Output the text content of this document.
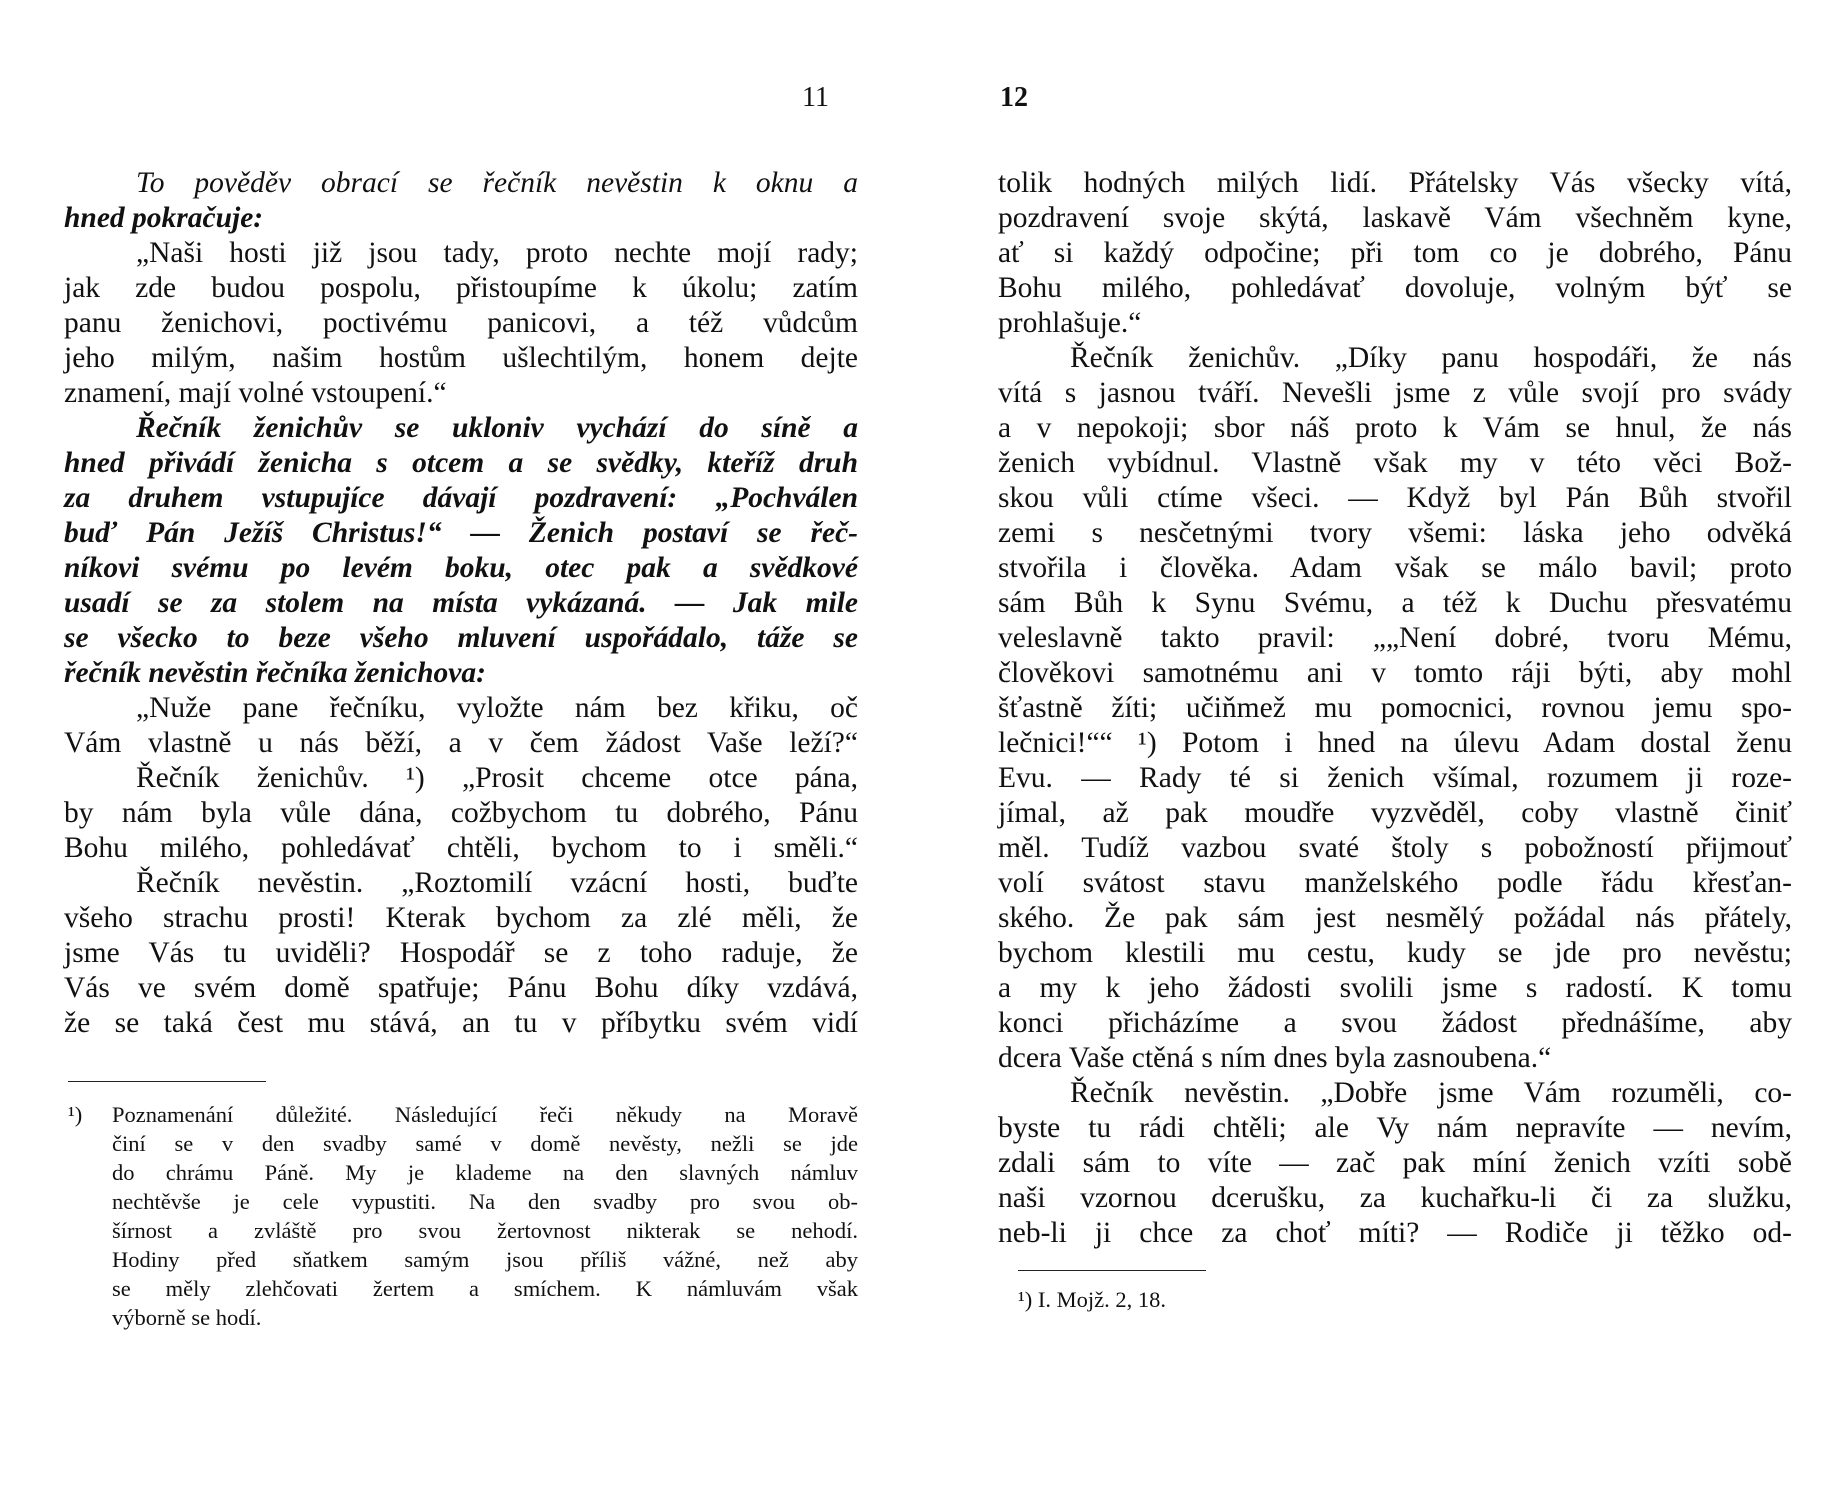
11

To pověděv obrací se řečník nevěstin k oknu a
hned pokračuje:
„Naši hosti již jsou tady, proto nechte mojí rady;
jak zde budou pospolu, přistoupíme k úkolu; zatím
panu ženichovi, poctivému panicovi, a též vůdcům
jeho milým, našim hostům ušlechtilým, honem dejte
znamení, mají volné vstoupení.“
Řečník ženichův se ukloniv vychází do síně a
hned přivádí ženicha s otcem a se svědky, kteříž druh
za druhem vstupujíce dávají pozdravení: „Pochválen
buď Pán Ježíš Christus!“ — Ženich postaví se řeč-
níkovi svému po levém boku, otec pak a svědkové
usadí se za stolem na místa vykázaná. — Jak mile
se všecko to beze všeho mluvení uspořádalo, táže se
řečník nevěstin řečníka ženichova:
„Nuže pane řečníku, vyložte nám bez křiku, oč
Vám vlastně u nás běží, a v čem žádost Vaše leží?“
Řečník ženichův. ¹) „Prosit chceme otce pána,
by nám byla vůle dána, cožbychom tu dobrého, Pánu
Bohu milého, pohledávať chtěli, bychom to i směli.“
Řečník nevěstin. „Roztomilí vzácní hosti, buďte
všeho strachu prosti! Kterak bychom za zlé měli, že
jsme Vás tu uviděli? Hospodář se z toho raduje, že
Vás ve svém domě spatřuje; Pánu Bohu díky vzdává,
že se taká čest mu stává, an tu v příbytku svém vidí
¹) Poznamenání důležité. Následující řeči někudy na Moravě
činí se v den svadby samé v domě nevěsty, nežli se jde
do chrámu Páně. My je klademe na den slavných námluv
nechtěvše je cele vypustiti. Na den svadby pro svou ob-
šírnost a zvláště pro svou žertovnost nikterak se nehodí.
Hodiny před sňatkem samým jsou příliš vážné, než aby
se měly zlehčovati žertem a smíchem. K námluvám však
výborně se hodí.

12

tolik hodných milých lidí. Přátelsky Vás všecky vítá,
pozdravení svoje skýtá, laskavě Vám všechněm kyne,
ať si každý odpočine; při tom co je dobrého, Pánu
Bohu milého, pohledávať dovoluje, volným býť se
prohlašuje.“
Řečník ženichův. „Díky panu hospodáři, že nás
vítá s jasnou tváří. Nevešli jsme z vůle svojí pro svády
a v nepokoji; sbor náš proto k Vám se hnul, že nás
ženich vybídnul. Vlastně však my v této věci Bož-
skou vůli ctíme všeci. — Když byl Pán Bůh stvořil
zemi s nesčetnými tvory všemi: láska jeho odvěká
stvořila i člověka. Adam však se málo bavil; proto
sám Bůh k Synu Svému, a též k Duchu přesvatému
veleslavně takto pravil: „„Není dobré, tvoru Mému,
člověkovi samotnému ani v tomto ráji býti, aby mohl
šťastně žíti; učiňmež mu pomocnici, rovnou jemu spo-
lečnici!““ ¹) Potom i hned na úlevu Adam dostal ženu
Evu. — Rady té si ženich všímal, rozumem ji roze-
jímal, až pak moudře vyzvěděl, coby vlastně činiť
měl. Tudíž vazbou svaté štoly s pobožností přijmouť
volí svátost stavu manželského podle řádu křesťan-
ského. Že pak sám jest nesmělý požádal nás přátely,
bychom klestili mu cestu, kudy se jde pro nevěstu;
a my k jeho žádosti svolili jsme s radostí. K tomu
konci přicházíme a svou žádost přednášíme, aby
dcera Vaše ctěná s ním dnes byla zasnoubena.“
Řečník nevěstin. „Dobře jsme Vám rozuměli, co-
byste tu rádi chtěli; ale Vy nám nepravíte — nevím,
zdali sám to víte — zač pak míní ženich vzíti sobě
naši vzornou dcerušku, za kuchařku-li či za služku,
neb-li ji chce za choť míti? — Rodiče ji těžko od-
¹) I. Mojž. 2, 18.
